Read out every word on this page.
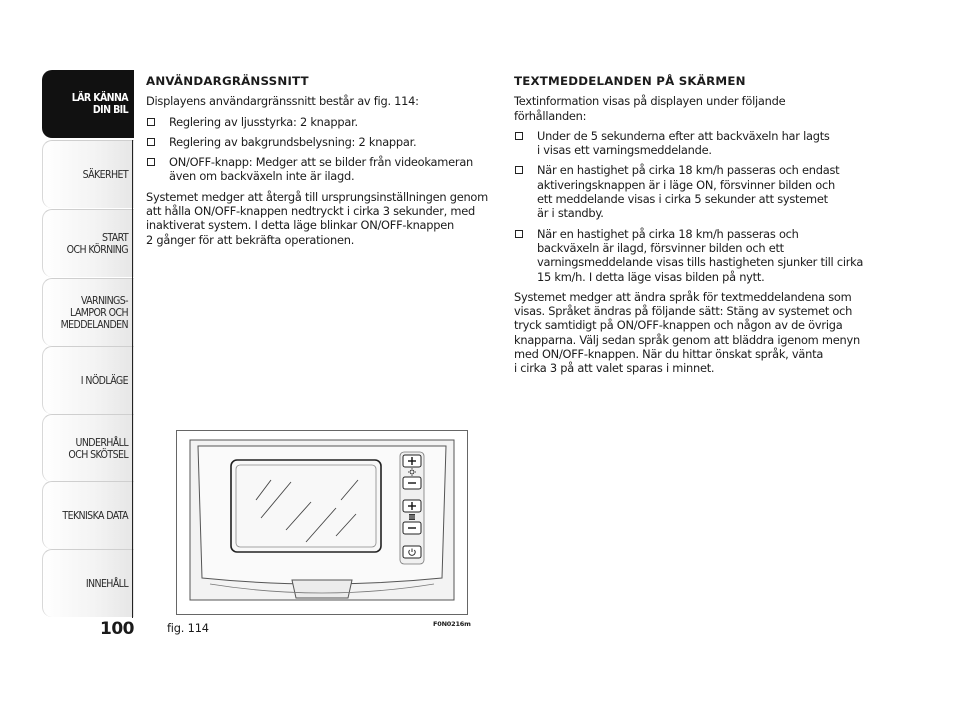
LÄR KÄNNA
DIN BIL
SÄKERHET
START
OCH KÖRNING
VARNINGS-
LAMPOR OCH
MEDDELANDEN
I NÖDLÄGE
UNDERHÅLL
OCH SKÖTSEL
TEKNISKA DATA
INNEHÅLL
100
ANVÄNDARGRÄNSSNITT
Displayens användargränssnitt består av fig. 114:
Reglering av ljusstyrka: 2 knappar.
Reglering av bakgrundsbelysning: 2 knappar.
ON/OFF-knapp: Medger att se bilder från videokameran
även om backväxeln inte är ilagd.
Systemet medger att återgå till ursprungsinställningen genom
att hålla ON/OFF-knappen nedtryckt i cirka 3 sekunder, med
inaktiverat system. I detta läge blinkar ON/OFF-knappen
2 gånger för att bekräfta operationen.
TEXTMEDDELANDEN PÅ SKÄRMEN
Textinformation visas på displayen under följande
förhållanden:
Under de 5 sekunderna efter att backväxeln har lagts
i visas ett varningsmeddelande.
När en hastighet på cirka 18 km/h passeras och endast
aktiveringsknappen är i läge ON, försvinner bilden och
ett meddelande visas i cirka 5 sekunder att systemet
är i standby.
När en hastighet på cirka 18 km/h passeras och
backväxeln är ilagd, försvinner bilden och ett
varningsmeddelande visas tills hastigheten sjunker till cirka
15 km/h. I detta läge visas bilden på nytt.
Systemet medger att ändra språk för textmeddelandena som
visas. Språket ändras på följande sätt: Stäng av systemet och
tryck samtidigt på ON/OFF-knappen och någon av de övriga
knapparna. Välj sedan språk genom att bläddra igenom menyn
med ON/OFF-knappen. När du hittar önskat språk, vänta
i cirka 3 på att valet sparas i minnet.
fig. 114	F0N0216m
